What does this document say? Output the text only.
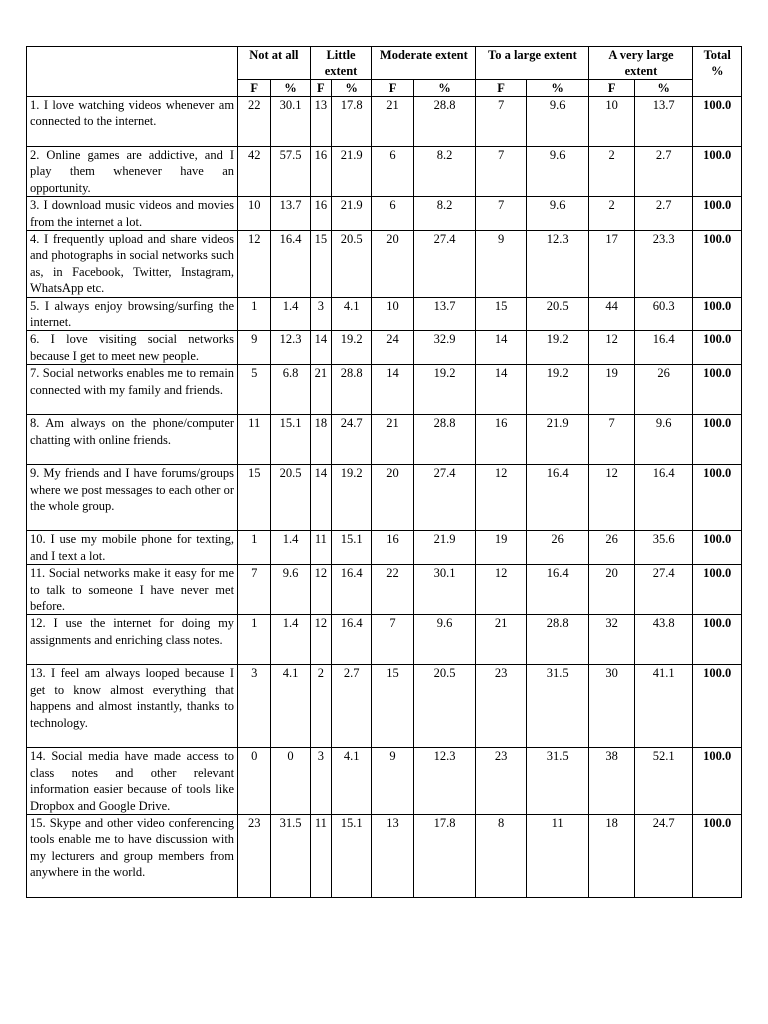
	Not at all		Little extent		Moderate extent		To a large extent		A very large extent		Total %
	F	%	F	%	F	%	F	%	F	%	
1. I love watching videos whenever am connected to the internet.	22	30.1	13	17.8	21	28.8	7	9.6	10	13.7	100.0
2. Online games are addictive, and I play them whenever have an opportunity.	42	57.5	16	21.9	6	8.2	7	9.6	2	2.7	100.0
3. I download music videos and movies from the internet a lot.	10	13.7	16	21.9	6	8.2	7	9.6	2	2.7	100.0
4. I frequently upload and share videos and photographs in social networks such as, in Facebook, Twitter, Instagram, WhatsApp etc.	12	16.4	15	20.5	20	27.4	9	12.3	17	23.3	100.0
5. I always enjoy browsing/surfing the internet.	1	1.4	3	4.1	10	13.7	15	20.5	44	60.3	100.0
6. I love visiting social networks because I get to meet new people.	9	12.3	14	19.2	24	32.9	14	19.2	12	16.4	100.0
7. Social networks enables me to remain connected with my family and friends.	5	6.8	21	28.8	14	19.2	14	19.2	19	26	100.0
8. Am always on the phone/computer chatting with online friends.	11	15.1	18	24.7	21	28.8	16	21.9	7	9.6	100.0
9. My friends and I have forums/groups where we post messages to each other or the whole group.	15	20.5	14	19.2	20	27.4	12	16.4	12	16.4	100.0
10. I use my mobile phone for texting, and I text a lot.	1	1.4	11	15.1	16	21.9	19	26	26	35.6	100.0
11. Social networks make it easy for me to talk to someone I have never met before.	7	9.6	12	16.4	22	30.1	12	16.4	20	27.4	100.0
12. I use the internet for doing my assignments and enriching class notes.	1	1.4	12	16.4	7	9.6	21	28.8	32	43.8	100.0
13. I feel am always looped because I get to know almost everything that happens and almost instantly, thanks to technology.	3	4.1	2	2.7	15	20.5	23	31.5	30	41.1	100.0
14. Social media have made access to class notes and other relevant information easier because of tools like Dropbox and Google Drive.	0	0	3	4.1	9	12.3	23	31.5	38	52.1	100.0
15. Skype and other video conferencing tools enable me to have discussion with my lecturers and group members from anywhere in the world.	23	31.5	11	15.1	13	17.8	8	11	18	24.7	100.0
